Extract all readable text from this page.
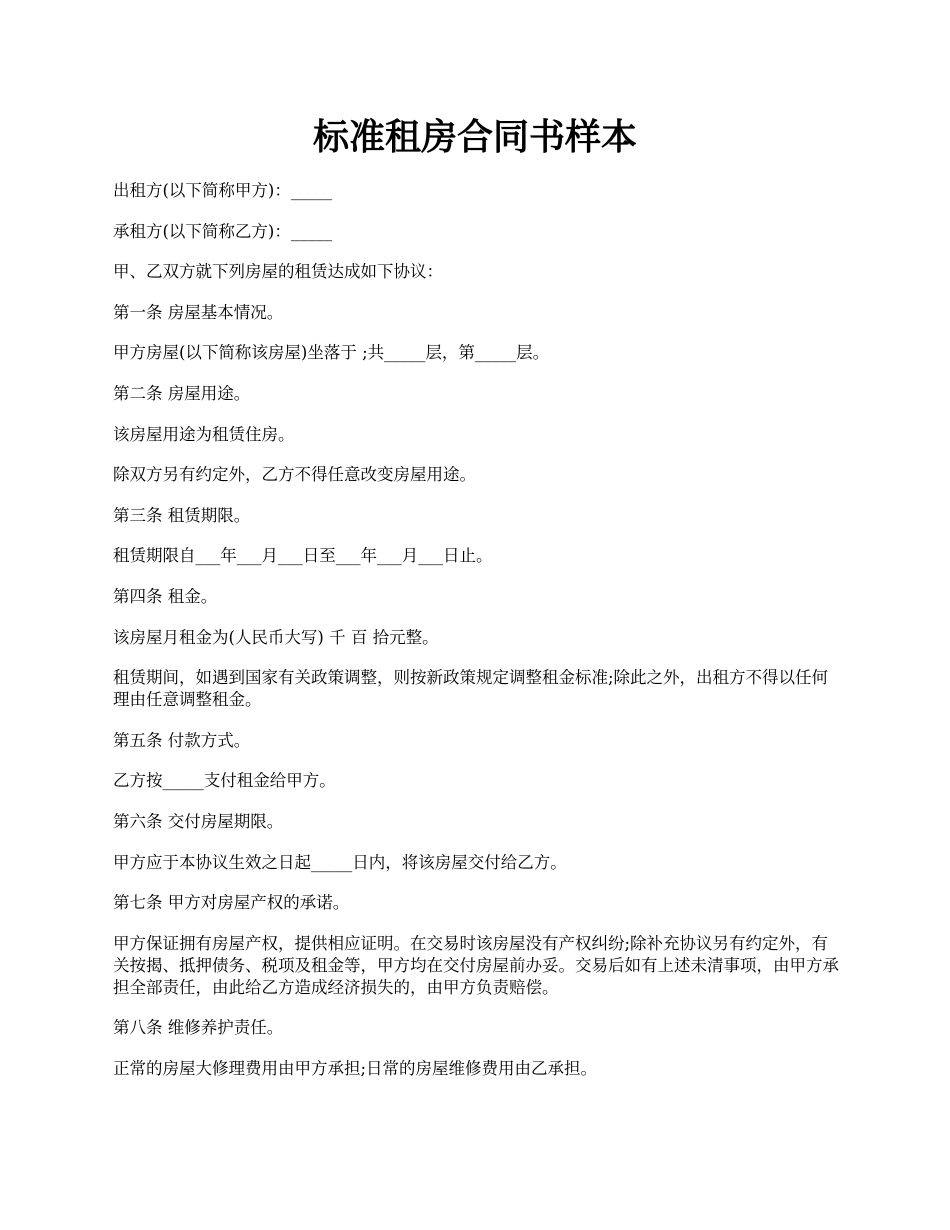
标准租房合同书样本

出租方(以下简称甲方)：_____

承租方(以下简称乙方)：_____

甲、乙双方就下列房屋的租赁达成如下协议：

第一条 房屋基本情况。

甲方房屋(以下简称该房屋)坐落于 ;共_____层，第_____层。

第二条 房屋用途。

该房屋用途为租赁住房。

除双方另有约定外，乙方不得任意改变房屋用途。

第三条 租赁期限。

租赁期限自___年___月___日至___年___月___日止。

第四条 租金。

该房屋月租金为(人民币大写) 千 百 拾元整。

租赁期间，如遇到国家有关政策调整，则按新政策规定调整租金标准;除此之外，出租方不得以任何理由任意调整租金。

第五条 付款方式。

乙方按_____支付租金给甲方。

第六条 交付房屋期限。

甲方应于本协议生效之日起_____日内，将该房屋交付给乙方。

第七条 甲方对房屋产权的承诺。

甲方保证拥有房屋产权，提供相应证明。在交易时该房屋没有产权纠纷;除补充协议另有约定外，有关按揭、抵押债务、税项及租金等，甲方均在交付房屋前办妥。交易后如有上述未清事项，由甲方承担全部责任，由此给乙方造成经济损失的，由甲方负责赔偿。

第八条 维修养护责任。

正常的房屋大修理费用由甲方承担;日常的房屋维修费用由乙承担。
